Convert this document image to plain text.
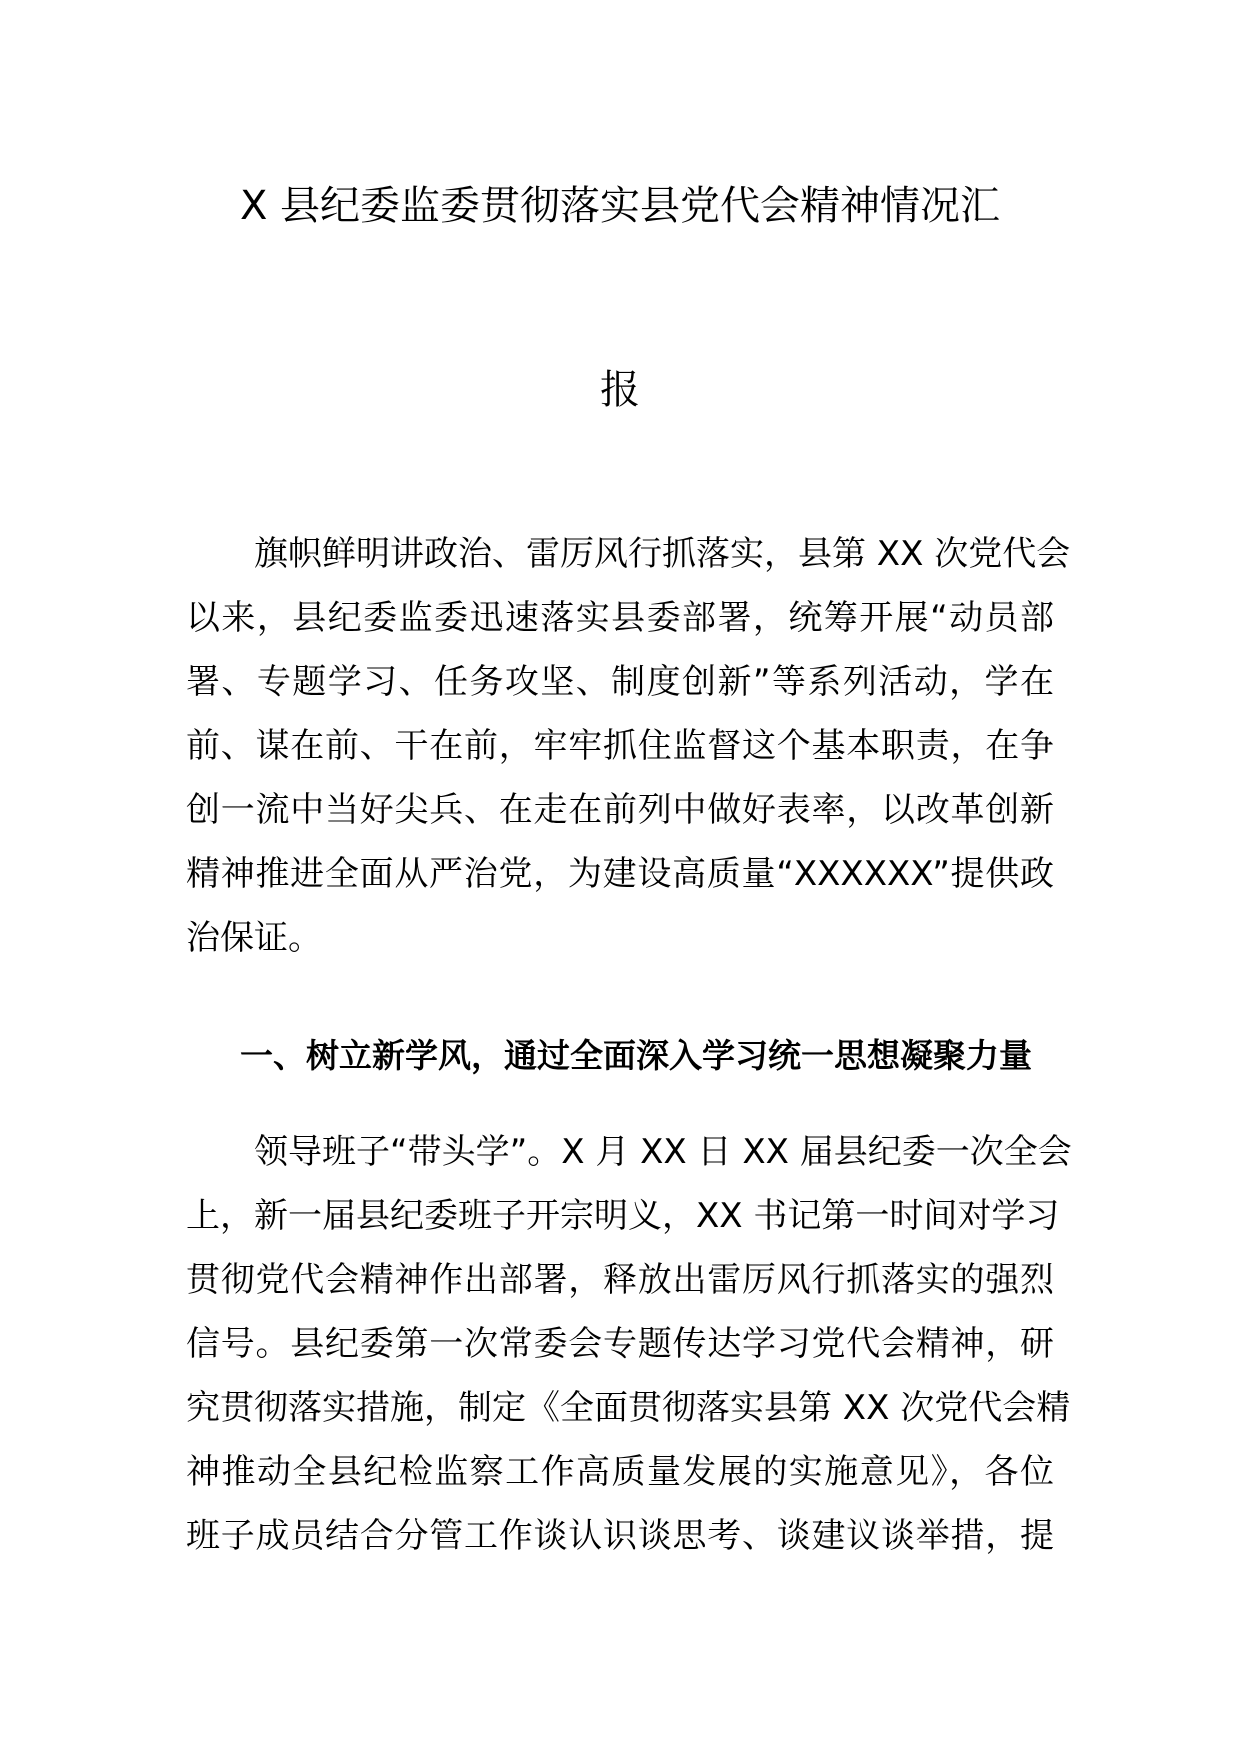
X 县纪委监委贯彻落实县党代会精神情况汇
报
旗帜鲜明讲政治、雷厉风行抓落实，县第 XX 次党代会
以来，县纪委监委迅速落实县委部署，统筹开展“动员部
署、专题学习、任务攻坚、制度创新”等系列活动，学在
前、谋在前、干在前，牢牢抓住监督这个基本职责，在争
创一流中当好尖兵、在走在前列中做好表率，以改革创新
精神推进全面从严治党，为建设高质量“XXXXXX”提供政
治保证。
一、树立新学风，通过全面深入学习统一思想凝聚力量
领导班子“带头学”。X 月 XX 日 XX 届县纪委一次全会
上，新一届县纪委班子开宗明义，XX 书记第一时间对学习
贯彻党代会精神作出部署，释放出雷厉风行抓落实的强烈
信号。县纪委第一次常委会专题传达学习党代会精神，研
究贯彻落实措施，制定《全面贯彻落实县第 XX 次党代会精
神推动全县纪检监察工作高质量发展的实施意见》，各位
班子成员结合分管工作谈认识谈思考、谈建议谈举措，提
